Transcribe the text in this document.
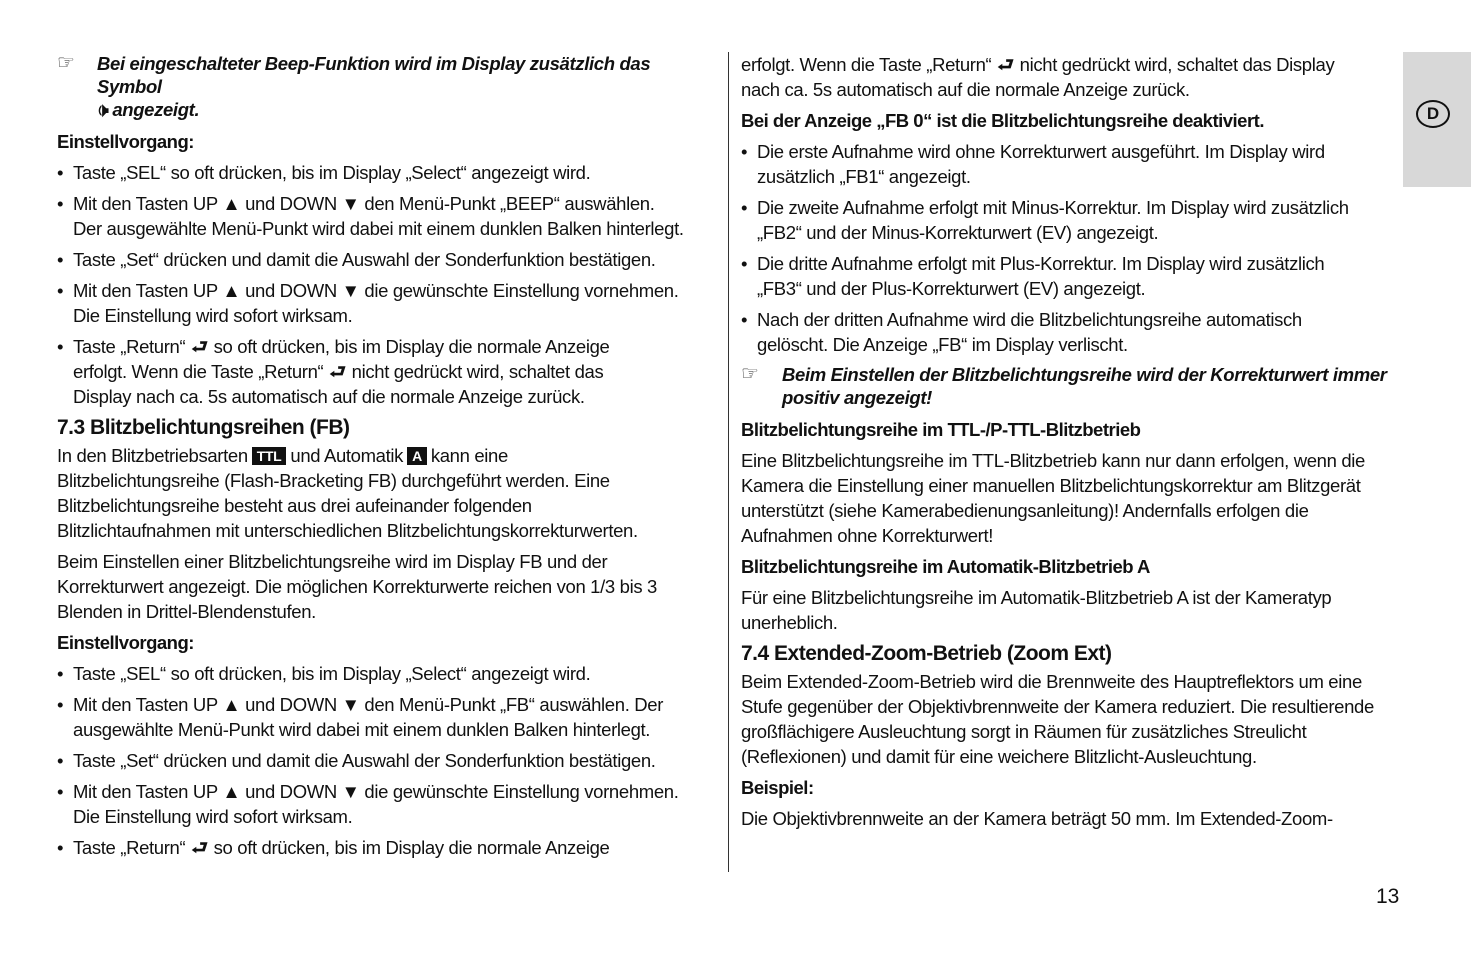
D
☞ Bei eingeschalteter Beep-Funktion wird im Display zusätzlich das Symbol
🕩 angezeigt.
Einstellvorgang:
• Taste „SEL“ so oft drücken, bis im Display „Select“ angezeigt wird.
• Mit den Tasten UP ▲ und DOWN ▼ den Menü-Punkt „BEEP“ auswählen.
Der ausgewählte Menü-Punkt wird dabei mit einem dunklen Balken hinterlegt.
• Taste „Set“ drücken und damit die Auswahl der Sonderfunktion bestätigen.
• Mit den Tasten UP ▲ und DOWN ▼ die gewünschte Einstellung vornehmen.
Die Einstellung wird sofort wirksam.
• Taste „Return“ ⮐ so oft drücken, bis im Display die normale Anzeige
erfolgt. Wenn die Taste „Return“ ⮐ nicht gedrückt wird, schaltet das
Display nach ca. 5s automatisch auf die normale Anzeige zurück.
7.3 Blitzbelichtungsreihen (FB)

In den Blitzbetriebsarten TTL und Automatik A kann eine
Blitzbelichtungsreihe (Flash-Bracketing FB) durchgeführt werden. Eine
Blitzbelichtungsreihe besteht aus drei aufeinander folgenden
Blitzlichtaufnahmen mit unterschiedlichen Blitzbelichtungskorrekturwerten.

Beim Einstellen einer Blitzbelichtungsreihe wird im Display FB und der
Korrekturwert angezeigt. Die möglichen Korrekturwerte reichen von 1/3 bis 3
Blenden in Drittel-Blendenstufen.

Einstellvorgang:
• Taste „SEL“ so oft drücken, bis im Display „Select“ angezeigt wird.
• Mit den Tasten UP ▲ und DOWN ▼ den Menü-Punkt „FB“ auswählen. Der
ausgewählte Menü-Punkt wird dabei mit einem dunklen Balken hinterlegt.
• Taste „Set“ drücken und damit die Auswahl der Sonderfunktion bestätigen.
• Mit den Tasten UP ▲ und DOWN ▼ die gewünschte Einstellung vornehmen.
Die Einstellung wird sofort wirksam.
• Taste „Return“ ⮐ so oft drücken, bis im Display die normale Anzeige

erfolgt. Wenn die Taste „Return“ ⮐ nicht gedrückt wird, schaltet das Display
nach ca. 5s automatisch auf die normale Anzeige zurück.

Bei der Anzeige „FB 0“ ist die Blitzbelichtungsreihe deaktiviert.
• Die erste Aufnahme wird ohne Korrekturwert ausgeführt. Im Display wird
zusätzlich „FB1“ angezeigt.
• Die zweite Aufnahme erfolgt mit Minus-Korrektur. Im Display wird zusätzlich
„FB2“ und der Minus-Korrekturwert (EV) angezeigt.
• Die dritte Aufnahme erfolgt mit Plus-Korrektur. Im Display wird zusätzlich
„FB3“ und der Plus-Korrekturwert (EV) angezeigt.
• Nach der dritten Aufnahme wird die Blitzbelichtungsreihe automatisch
gelöscht. Die Anzeige „FB“ im Display verlischt.
☞ Beim Einstellen der Blitzbelichtungsreihe wird der Korrekturwert immer
positiv angezeigt!
Blitzbelichtungsreihe im TTL-/P-TTL-Blitzbetrieb

Eine Blitzbelichtungsreihe im TTL-Blitzbetrieb kann nur dann erfolgen, wenn die
Kamera die Einstellung einer manuellen Blitzbelichtungskorrektur am Blitzgerät
unterstützt (siehe Kamerabedienungsanleitung)! Andernfalls erfolgen die
Aufnahmen ohne Korrekturwert!

Blitzbelichtungsreihe im Automatik-Blitzbetrieb A

Für eine Blitzbelichtungsreihe im Automatik-Blitzbetrieb A ist der Kameratyp
unerheblich.

7.4 Extended-Zoom-Betrieb (Zoom Ext)

Beim Extended-Zoom-Betrieb wird die Brennweite des Hauptreflektors um eine
Stufe gegenüber der Objektivbrennweite der Kamera reduziert. Die resultierende
großflächigere Ausleuchtung sorgt in Räumen für zusätzliches Streulicht
(Reflexionen) und damit für eine weichere Blitzlicht-Ausleuchtung.

Beispiel:

Die Objektivbrennweite an der Kamera beträgt 50 mm. Im Extended-Zoom-

13
